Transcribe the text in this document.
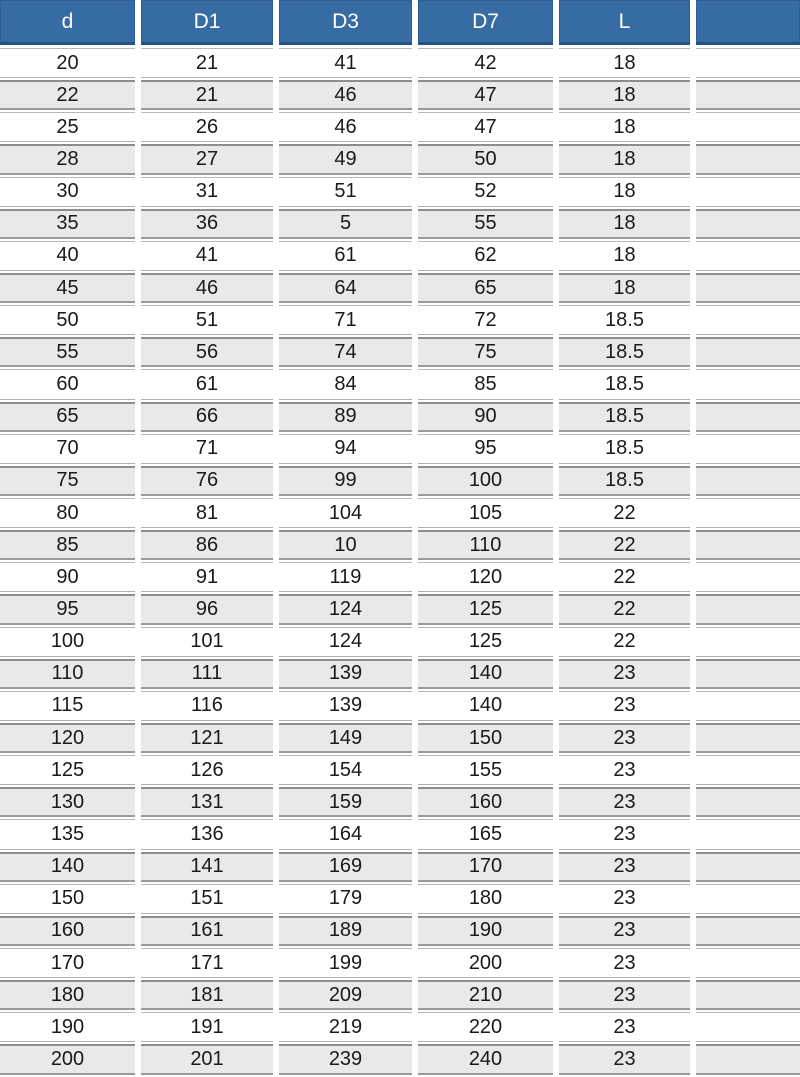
d	D1	D3	D7	L
20	21	41	42	18
22	21	46	47	18
25	26	46	47	18
28	27	49	50	18
30	31	51	52	18
35	36	5	55	18
40	41	61	62	18
45	46	64	65	18
50	51	71	72	18.5
55	56	74	75	18.5
60	61	84	85	18.5
65	66	89	90	18.5
70	71	94	95	18.5
75	76	99	100	18.5
80	81	104	105	22
85	86	10	110	22
90	91	119	120	22
95	96	124	125	22
100	101	124	125	22
110	111	139	140	23
115	116	139	140	23
120	121	149	150	23
125	126	154	155	23
130	131	159	160	23
135	136	164	165	23
140	141	169	170	23
150	151	179	180	23
160	161	189	190	23
170	171	199	200	23
180	181	209	210	23
190	191	219	220	23
200	201	239	240	23
